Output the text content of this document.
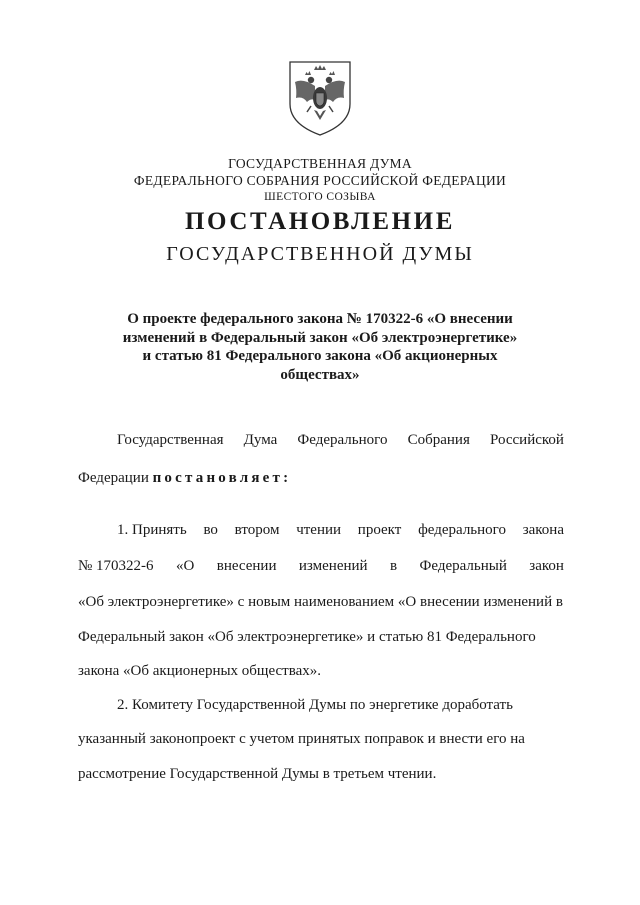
ГОСУДАРСТВЕННАЯ ДУМА
ФЕДЕРАЛЬНОГО СОБРАНИЯ РОССИЙСКОЙ ФЕДЕРАЦИИ
ШЕСТОГО СОЗЫВА
ПОСТАНОВЛЕНИЕ
ГОСУДАРСТВЕННОЙ ДУМЫ
О проекте федерального закона № 170322-6 «О внесении
изменений в Федеральный закон «Об электроэнергетике»
и статью 81 Федерального закона «Об акционерных
обществах»
Государственная Дума Федерального Собрания Российской
Федерации постановляет:
1. Принять во втором чтении проект федерального закона
№ 170322-6 «О внесении изменений в Федеральный закон
«Об электроэнергетике» с новым наименованием «О внесении изменений в
Федеральный закон «Об электроэнергетике» и статью 81 Федерального
закона «Об акционерных обществах».
2. Комитету Государственной Думы по энергетике доработать
указанный законопроект с учетом принятых поправок и внести его на
рассмотрение Государственной Думы в третьем чтении.
